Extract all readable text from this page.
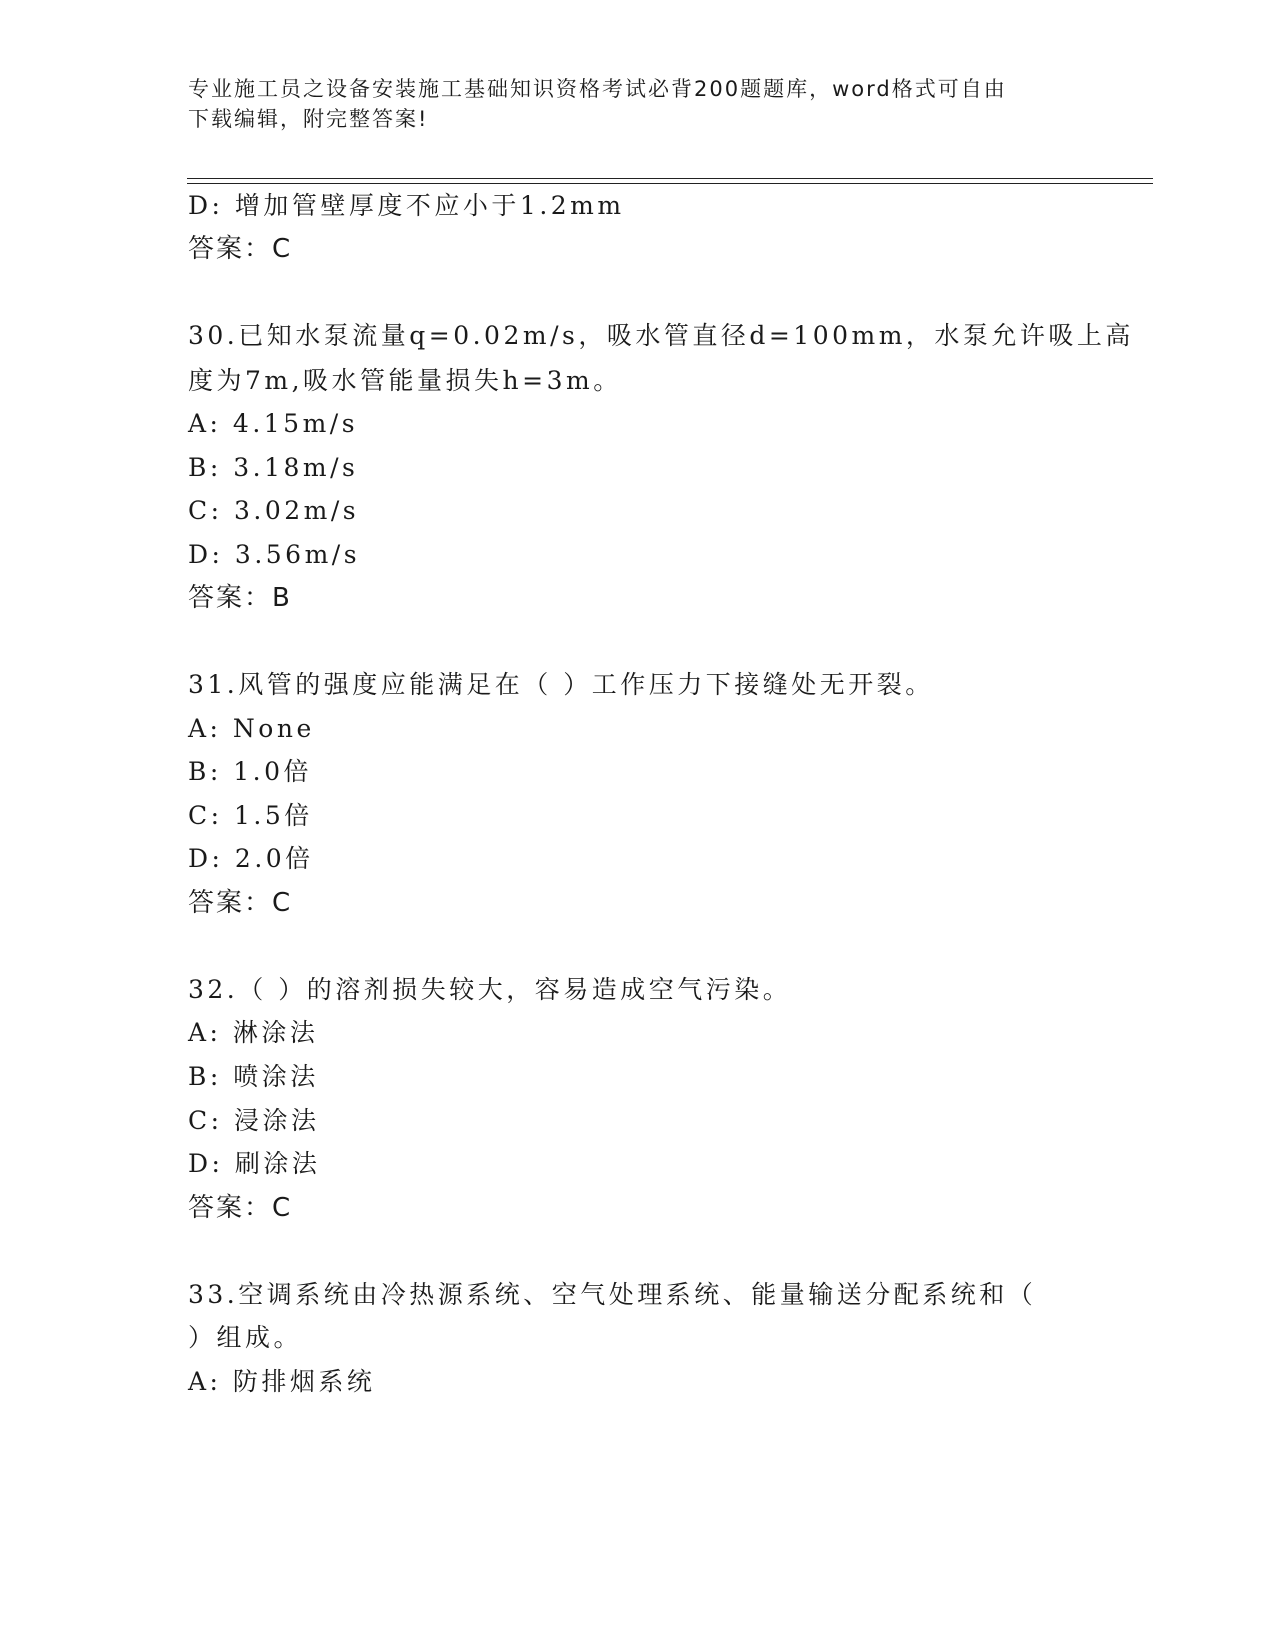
专业施工员之设备安装施工基础知识资格考试必背200题题库，word格式可自由
下载编辑，附完整答案!
D: 增加管壁厚度不应小于1.2mm
答案：C
30.已知水泵流量q=0.02m/s，吸水管直径d=100mm，水泵允许吸上高
度为7m,吸水管能量损失h=3m。
A: 4.15m/s
B: 3.18m/s
C: 3.02m/s
D: 3.56m/s
答案：B
31.风管的强度应能满足在（ ）工作压力下接缝处无开裂。
A: None
B: 1.0倍
C: 1.5倍
D: 2.0倍
答案：C
32.（ ）的溶剂损失较大，容易造成空气污染。
A: 淋涂法
B: 喷涂法
C: 浸涂法
D: 刷涂法
答案：C
33.空调系统由冷热源系统、空气处理系统、能量输送分配系统和（
）组成。
A: 防排烟系统
